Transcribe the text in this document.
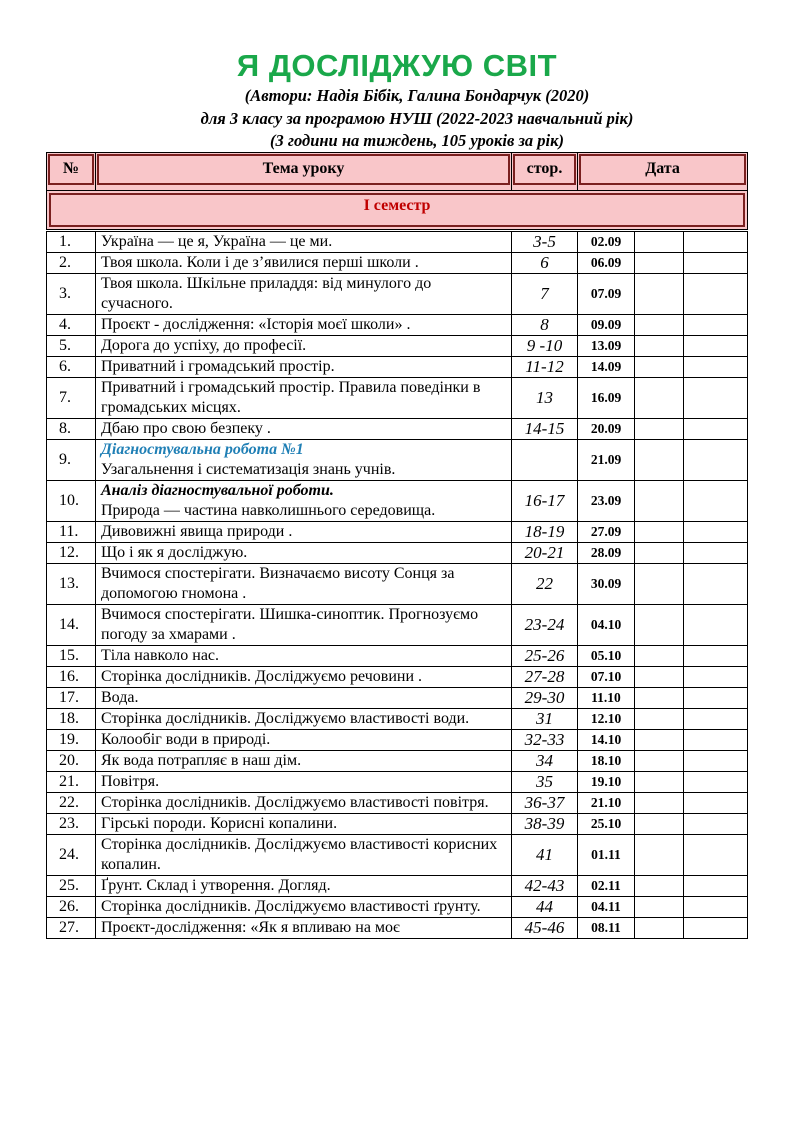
Я ДОСЛІДЖУЮ СВІТ
(Автори: Надія Бібік, Галина Бондарчук (2020)
для 3 класу за програмою НУШ (2022-2023 навчальний рік)
(3 години на тиждень, 105 уроків за рік)
№	Тема уроку	стор.	Дата		

І семестр					

1.	Україна — це я, Україна — це ми.	3-5	02.09		
2.	Твоя школа. Коли і де з’явилися перші школи .	6	06.09		
3.	Твоя школа. Шкільне приладдя: від минулого до сучасного.	7	07.09		
4.	Проєкт - дослідження: «Історія моєї школи» .	8	09.09		
5.	Дорога до успіху, до професії.	9 -10	13.09		
6.	Приватний і громадський простір.	11-12	14.09		
7.	Приватний і громадський простір. Правила поведінки в громадських місцях.	13	16.09		
8.	Дбаю про свою безпеку .	14-15	20.09		
9.	Діагностувальна робота №1
Узагальнення і систематизація знань учнів.		21.09		
10.	Аналіз діагностувальної роботи.
Природа — частина навколишнього середовища.	16-17	23.09		
11.	Дивовижні явища природи .	18-19	27.09		
12.	Що і як я досліджую.	20-21	28.09		
13.	Вчимося спостерігати. Визначаємо висоту Сонця за допомогою гномона .	22	30.09		
14.	Вчимося спостерігати. Шишка-синоптик. Прогнозуємо погоду за хмарами .	23-24	04.10		
15.	Тіла навколо нас.	25-26	05.10		
16.	Сторінка дослідників. Досліджуємо речовини .	27-28	07.10		
17.	Вода.	29-30	11.10		
18.	Сторінка дослідників. Досліджуємо властивості води.	31	12.10		
19.	Колообіг води в природі.	32-33	14.10		
20.	Як вода потрапляє в наш дім.	34	18.10		
21.	Повітря.	35	19.10		
22.	Сторінка дослідників. Досліджуємо властивості повітря.	36-37	21.10		
23.	Гірські породи. Корисні копалини.	38-39	25.10		
24.	Сторінка дослідників. Досліджуємо властивості корисних копалин.	41	01.11		
25.	Ґрунт. Склад і утворення. Догляд.	42-43	02.11		
26.	Сторінка дослідників. Досліджуємо властивості ґрунту.	44	04.11		
27.	Проєкт-дослідження: «Як я впливаю на моє	45-46	08.11		
